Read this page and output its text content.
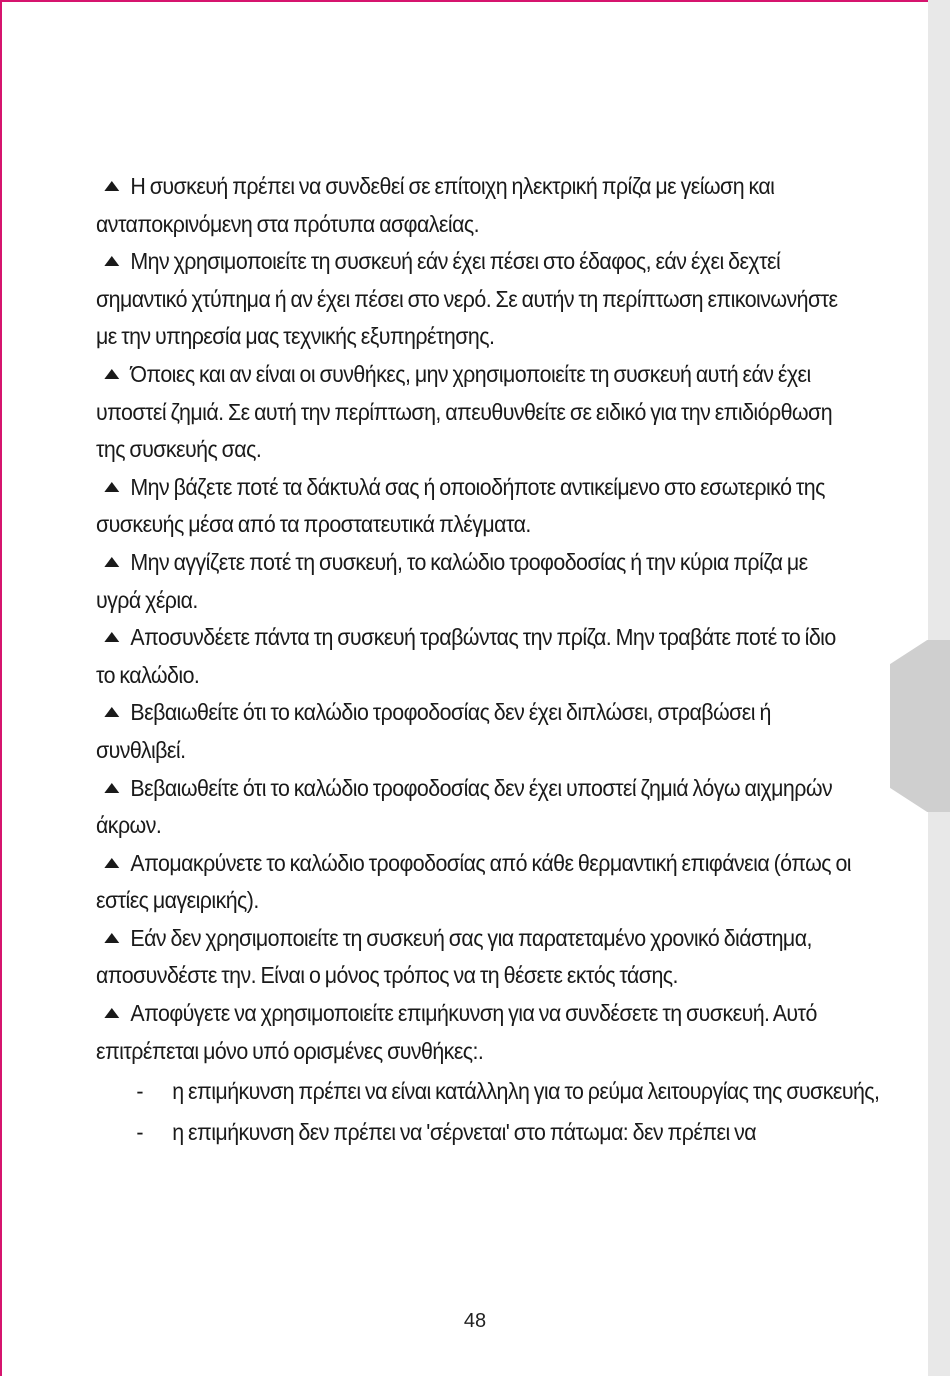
Η συσκευή πρέπει να συνδεθεί σε επίτοιχη ηλεκτρική πρίζα με γείωση και ανταποκρινόμενη στα πρότυπα ασφαλείας.

Μην χρησιμοποιείτε τη συσκευή εάν έχει πέσει στο έδαφος, εάν έχει δεχτεί σημαντικό χτύπημα ή αν έχει πέσει στο νερό. Σε αυτήν τη περίπτωση επικοινωνήστε με την υπηρεσία μας τεχνικής εξυπηρέτησης.

Όποιες και αν είναι οι συνθήκες, μην χρησιμοποιείτε τη συσκευή αυτή εάν έχει υποστεί ζημιά. Σε αυτή την περίπτωση, απευθυνθείτε σε ειδικό για την επιδιόρθωση της συσκευής σας.

Μην βάζετε ποτέ τα δάκτυλά σας ή οποιοδήποτε αντικείμενο στο εσωτερικό της συσκευής μέσα από τα προστατευτικά πλέγματα.

Μην αγγίζετε ποτέ τη συσκευή, το καλώδιο τροφοδοσίας ή την κύρια πρίζα με υγρά χέρια.

Αποσυνδέετε πάντα τη συσκευή τραβώντας την πρίζα. Μην τραβάτε ποτέ το ίδιο το καλώδιο.

Βεβαιωθείτε ότι το καλώδιο τροφοδοσίας δεν έχει διπλώσει, στραβώσει ή συνθλιβεί.

Βεβαιωθείτε ότι το καλώδιο τροφοδοσίας δεν έχει υποστεί ζημιά λόγω αιχμηρών άκρων.

Απομακρύνετε το καλώδιο τροφοδοσίας από κάθε θερμαντική επιφάνεια (όπως οι εστίες μαγειρικής).

Εάν δεν χρησιμοποιείτε τη συσκευή σας για παρατεταμένο χρονικό διάστημα, αποσυνδέστε την. Είναι ο μόνος τρόπος να τη θέσετε εκτός τάσης.

Αποφύγετε να χρησιμοποιείτε επιμήκυνση για να συνδέσετε τη συσκευή. Αυτό επιτρέπεται μόνο υπό ορισμένες συνθήκες:.

- η επιμήκυνση πρέπει να είναι κατάλληλη για το ρεύμα λειτουργίας της συσκευής,
- η επιμήκυνση δεν πρέπει να 'σέρνεται' στο πάτωμα: δεν πρέπει να
48
